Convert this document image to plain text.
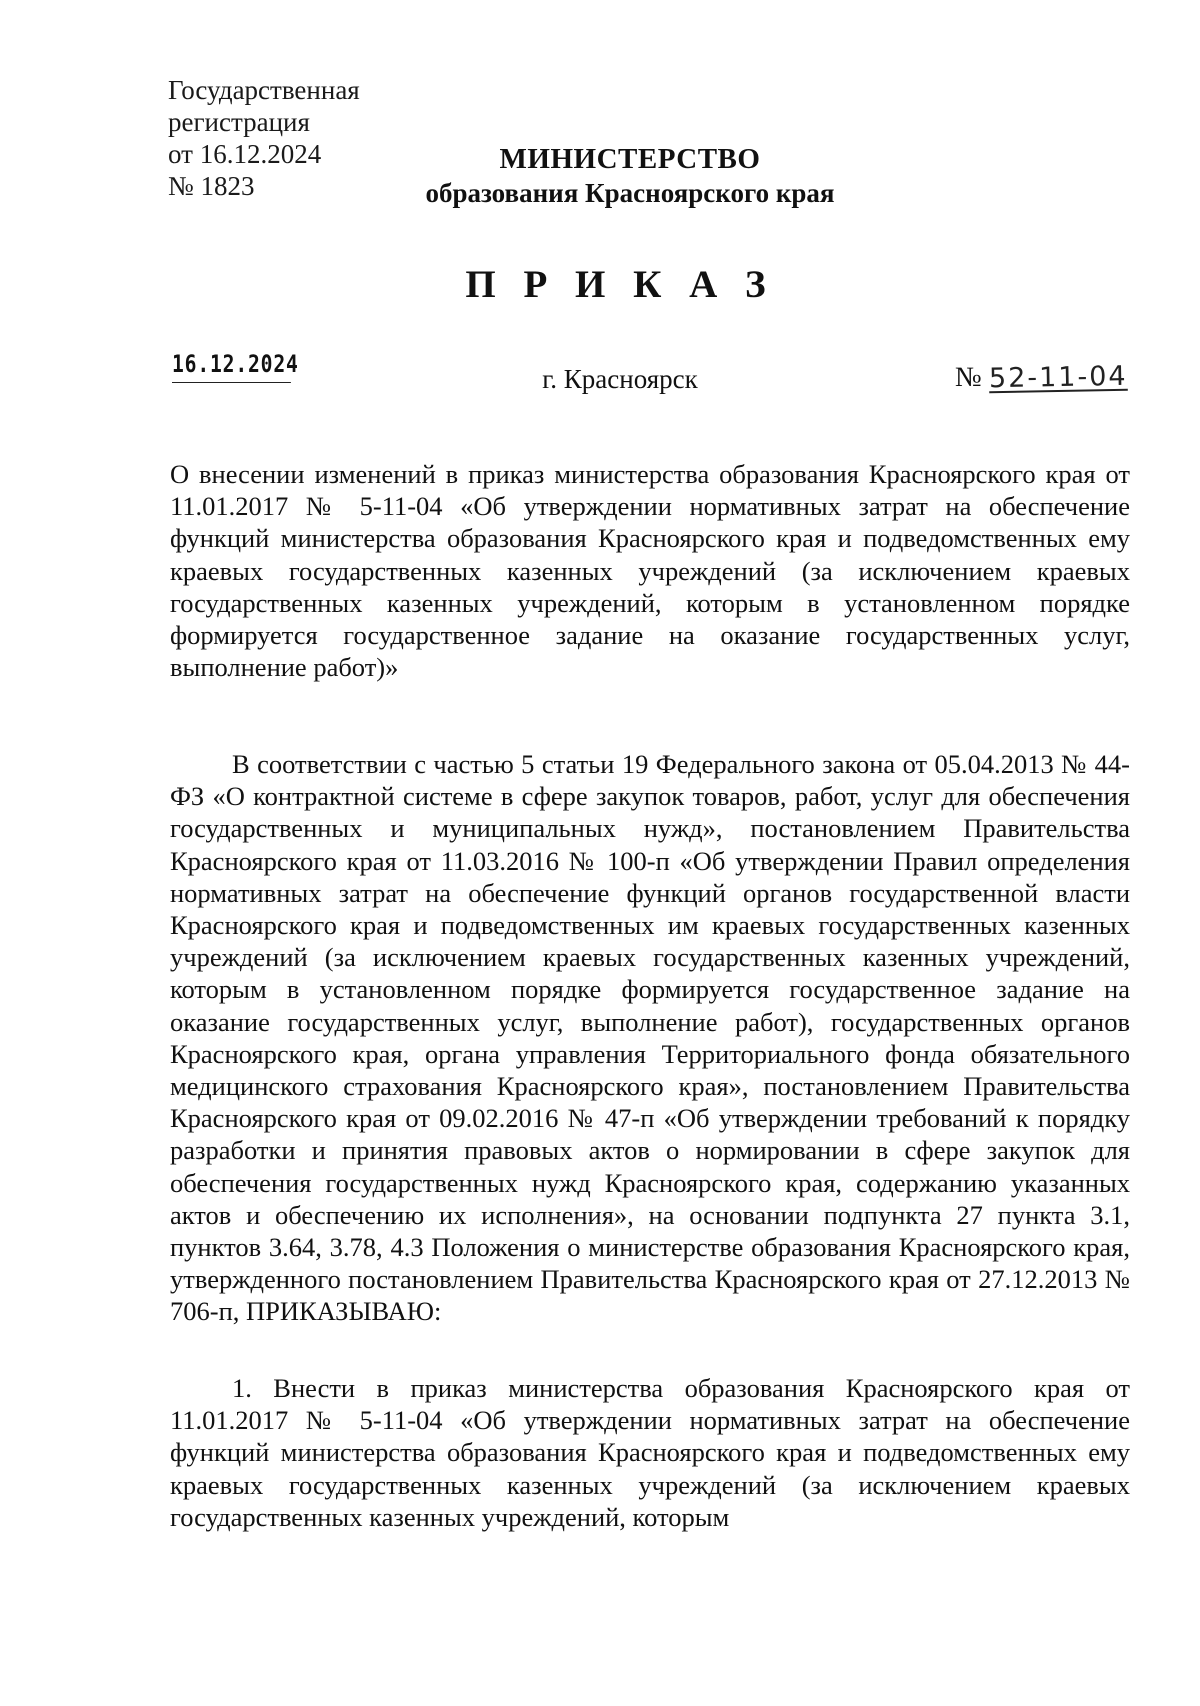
Государственная
регистрация
от 16.12.2024
№ 1823
МИНИСТЕРСТВО
образования Красноярского края
П Р И К А З
16.12.2024	г. Красноярск	№ 52-11-04
О внесении изменений в приказ министерства образования Красноярского края от 11.01.2017 № 5-11-04 «Об утверждении нормативных затрат на обеспечение функций министерства образования Красноярского края и подведомственных ему краевых государственных казенных учреждений (за исключением краевых государственных казенных учреждений, которым в установленном порядке формируется государственное задание на оказание государственных услуг, выполнение работ)»
В соответствии с частью 5 статьи 19 Федерального закона от 05.04.2013 № 44-ФЗ «О контрактной системе в сфере закупок товаров, работ, услуг для обеспечения государственных и муниципальных нужд», постановлением Правительства Красноярского края от 11.03.2016 № 100-п «Об утверждении Правил определения нормативных затрат на обеспечение функций органов государственной власти Красноярского края и подведомственных им краевых государственных казенных учреждений (за исключением краевых государственных казенных учреждений, которым в установленном порядке формируется государственное задание на оказание государственных услуг, выполнение работ), государственных органов Красноярского края, органа управления Территориального фонда обязательного медицинского страхования Красноярского края», постановлением Правительства Красноярского края от 09.02.2016 № 47-п «Об утверждении требований к порядку разработки и принятия правовых актов о нормировании в сфере закупок для обеспечения государственных нужд Красноярского края, содержанию указанных актов и обеспечению их исполнения», на основании подпункта 27 пункта 3.1, пунктов 3.64, 3.78, 4.3 Положения о министерстве образования Красноярского края, утвержденного постановлением Правительства Красноярского края от 27.12.2013 № 706-п, ПРИКАЗЫВАЮ:
1. Внести в приказ министерства образования Красноярского края от 11.01.2017 № 5-11-04 «Об утверждении нормативных затрат на обеспечение функций министерства образования Красноярского края и подведомственных ему краевых государственных казенных учреждений (за исключением краевых государственных казенных учреждений, которым
